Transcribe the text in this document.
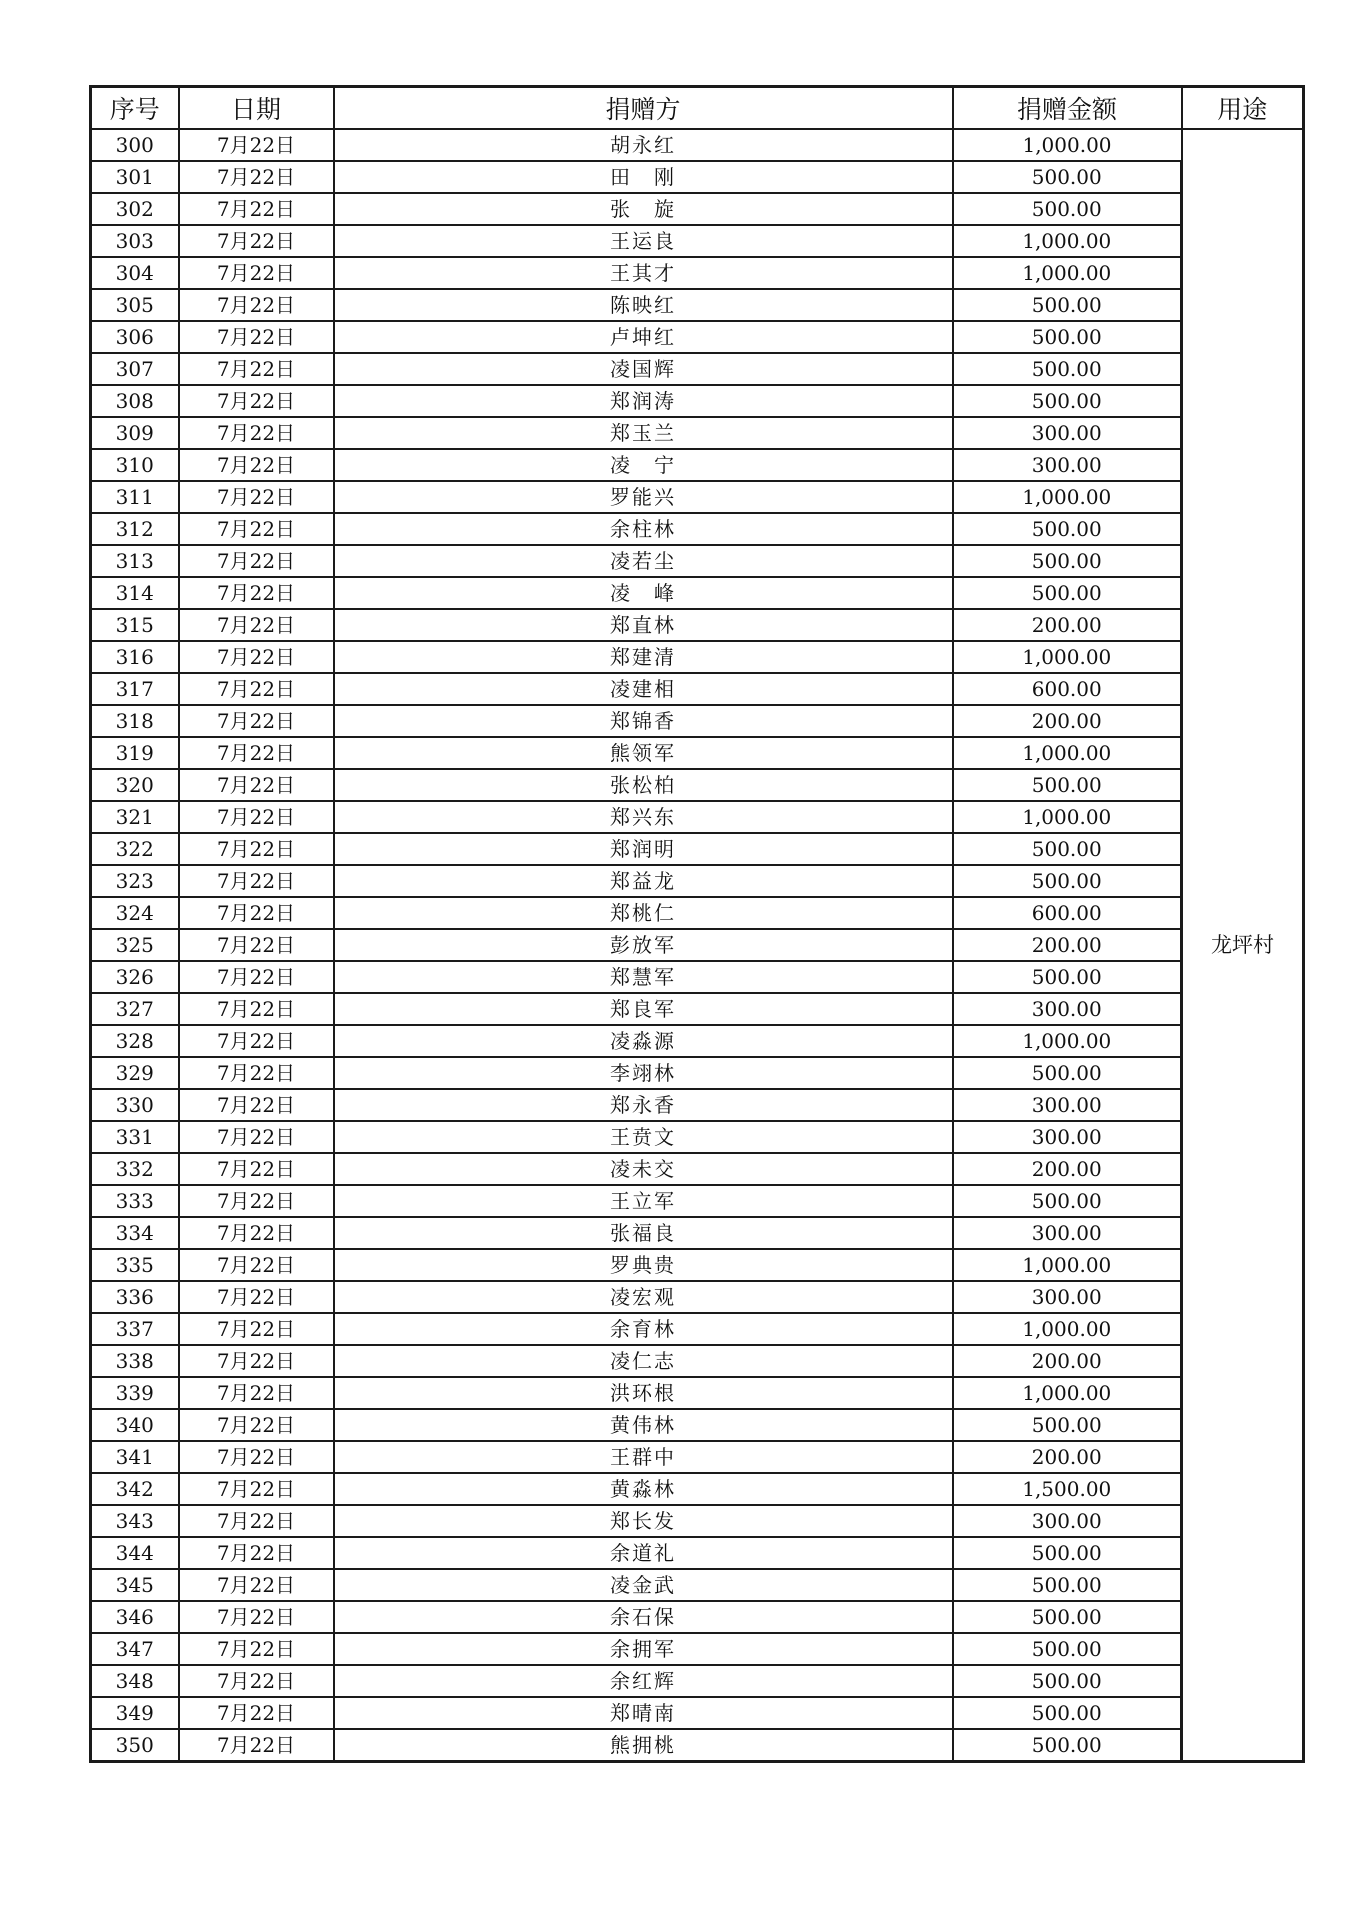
序号	日期	捐赠方	捐赠金额	用途
300	7月22日	胡永红	1,000.00	龙坪村
301	7月22日	田　刚	500.00	
302	7月22日	张　旋	500.00	
303	7月22日	王运良	1,000.00	
304	7月22日	王其才	1,000.00	
305	7月22日	陈映红	500.00	
306	7月22日	卢坤红	500.00	
307	7月22日	凌国辉	500.00	
308	7月22日	郑润涛	500.00	
309	7月22日	郑玉兰	300.00	
310	7月22日	凌　宁	300.00	
311	7月22日	罗能兴	1,000.00	
312	7月22日	余柱林	500.00	
313	7月22日	凌若尘	500.00	
314	7月22日	凌　峰	500.00	
315	7月22日	郑直林	200.00	
316	7月22日	郑建清	1,000.00	
317	7月22日	凌建相	600.00	
318	7月22日	郑锦香	200.00	
319	7月22日	熊领军	1,000.00	
320	7月22日	张松柏	500.00	
321	7月22日	郑兴东	1,000.00	
322	7月22日	郑润明	500.00	
323	7月22日	郑益龙	500.00	
324	7月22日	郑桃仁	600.00	
325	7月22日	彭放军	200.00	
326	7月22日	郑慧军	500.00	
327	7月22日	郑良军	300.00	
328	7月22日	凌淼源	1,000.00	
329	7月22日	李翊林	500.00	
330	7月22日	郑永香	300.00	
331	7月22日	王贲文	300.00	
332	7月22日	凌未交	200.00	
333	7月22日	王立军	500.00	
334	7月22日	张福良	300.00	
335	7月22日	罗典贵	1,000.00	
336	7月22日	凌宏观	300.00	
337	7月22日	余育林	1,000.00	
338	7月22日	凌仁志	200.00	
339	7月22日	洪环根	1,000.00	
340	7月22日	黄伟林	500.00	
341	7月22日	王群中	200.00	
342	7月22日	黄淼林	1,500.00	
343	7月22日	郑长发	300.00	
344	7月22日	余道礼	500.00	
345	7月22日	凌金武	500.00	
346	7月22日	余石保	500.00	
347	7月22日	余拥军	500.00	
348	7月22日	余红辉	500.00	
349	7月22日	郑晴南	500.00	
350	7月22日	熊拥桃	500.00	
